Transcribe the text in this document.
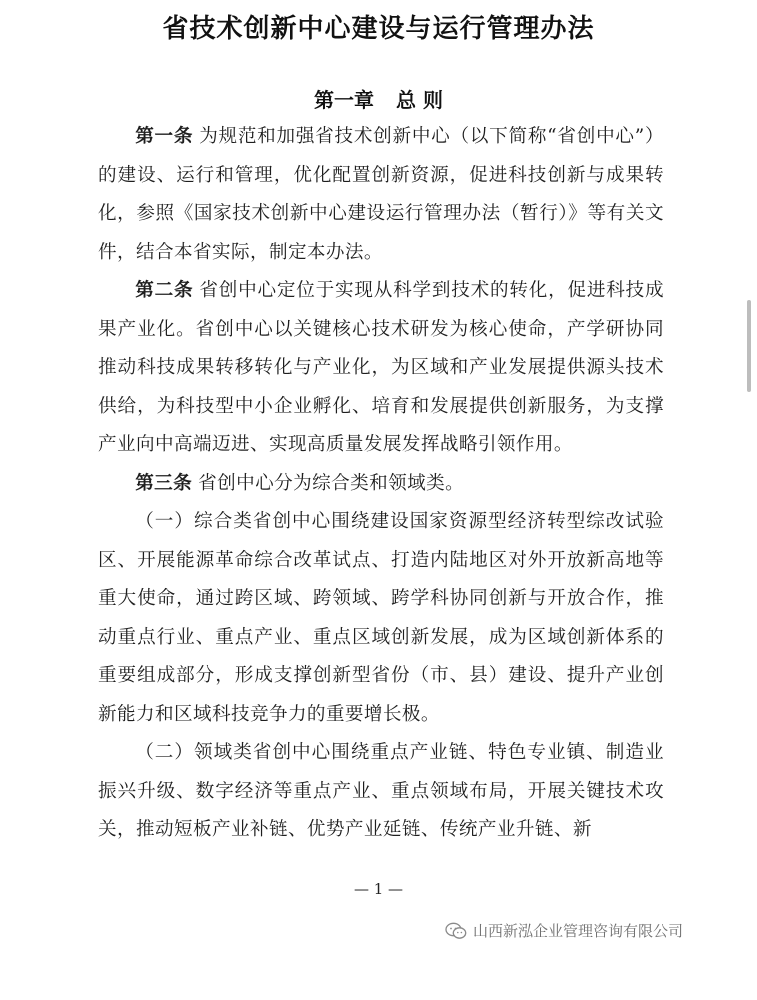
省技术创新中心建设与运行管理办法
第一章 总 则

第一条 为规范和加强省技术创新中心（以下简称“省创中心”）的建设、运行和管理，优化配置创新资源，促进科技创新与成果转化，参照《国家技术创新中心建设运行管理办法（暂行）》等有关文件，结合本省实际，制定本办法。

第二条 省创中心定位于实现从科学到技术的转化，促进科技成果产业化。省创中心以关键核心技术研发为核心使命，产学研协同推动科技成果转移转化与产业化，为区域和产业发展提供源头技术供给，为科技型中小企业孵化、培育和发展提供创新服务，为支撑产业向中高端迈进、实现高质量发展发挥战略引领作用。

第三条 省创中心分为综合类和领域类。

（一）综合类省创中心围绕建设国家资源型经济转型综改试验区、开展能源革命综合改革试点、打造内陆地区对外开放新高地等重大使命，通过跨区域、跨领域、跨学科协同创新与开放合作，推动重点行业、重点产业、重点区域创新发展，成为区域创新体系的重要组成部分，形成支撑创新型省份（市、县）建设、提升产业创新能力和区域科技竞争力的重要增长极。

（二）领域类省创中心围绕重点产业链、特色专业镇、制造业振兴升级、数字经济等重点产业、重点领域布局，开展关键技术攻关，推动短板产业补链、优势产业延链、传统产业升链、新

— 1 —
山西新泓企业管理咨询有限公司
